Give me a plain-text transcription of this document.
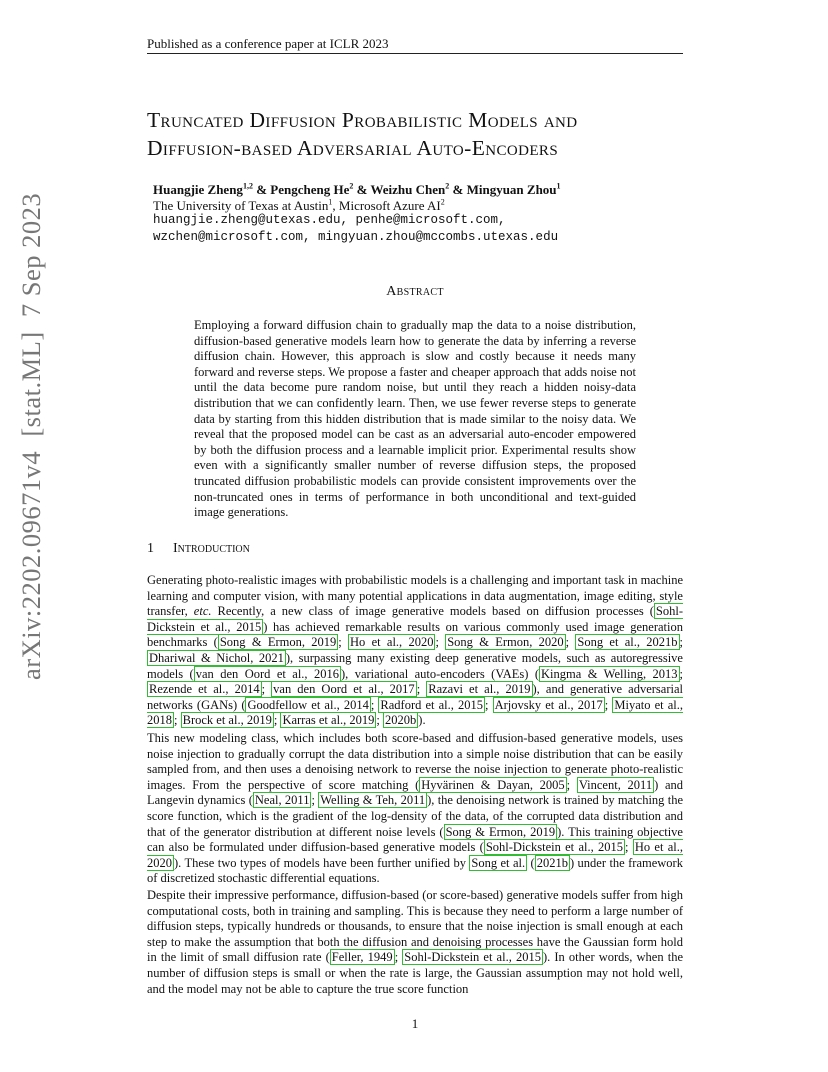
Published as a conference paper at ICLR 2023
arXiv:2202.09671v4  [stat.ML]  7 Sep 2023
Truncated Diffusion Probabilistic Models and
Diffusion-based Adversarial Auto-Encoders
Huangjie Zheng$^{1,2}$ & Pengcheng He$^2$ & Weizhu Chen$^2$ & Mingyuan Zhou$^1$
The University of Texas at Austin$^1$, Microsoft Azure $AI^2$
huangjie.zheng@utexas.edu, penhe@microsoft.com,
wzchen@microsoft.com, mingyuan.zhou@mccombs.utexas.edu
Abstract
Employing a forward diffusion chain to gradually map the data to a noise distribution, diffusion-based generative models learn how to generate the data by inferring a reverse diffusion chain. However, this approach is slow and costly because it needs many forward and reverse steps. We propose a faster and cheaper approach that adds noise not until the data become pure random noise, but until they reach a hidden noisy-data distribution that we can confidently learn. Then, we use fewer reverse steps to generate data by starting from this hidden distribution that is made similar to the noisy data. We reveal that the proposed model can be cast as an adversarial auto-encoder empowered by both the diffusion process and a learnable implicit prior. Experimental results show even with a significantly smaller number of reverse diffusion steps, the proposed truncated diffusion probabilistic models can provide consistent improvements over the non-truncated ones in terms of performance in both unconditional and text-guided image generations.
1 Introduction

Generating photo-realistic images with probabilistic models is a challenging and important task in machine learning and computer vision, with many potential applications in data augmentation, image editing, style transfer, etc. Recently, a new class of image generative models based on diffusion processes ( Sohl-Dickstein et al., 2015 ) has achieved remarkable results on various commonly used image generation benchmarks ( Song & Ermon, 2019 ; Ho et al., 2020 ; Song & Ermon, 2020 ; Song et al., 2021b ; Dhariwal & Nichol, 2021 ), surpassing many existing deep generative models, such as autoregressive models ( van den Oord et al., 2016 ), variational auto-encoders (VAEs) ( Kingma & Welling, 2013 ; Rezende et al., 2014 ; van den Oord et al., 2017 ; Razavi et al., 2019 ), and generative adversarial networks (GANs) ( Goodfellow et al., 2014 ; Radford et al., 2015 ; Arjovsky et al., 2017 ; Miyato et al., 2018 ; Brock et al., 2019 ; Karras et al., 2019 ; 2020b ).

This new modeling class, which includes both score-based and diffusion-based generative models, uses noise injection to gradually corrupt the data distribution into a simple noise distribution that can be easily sampled from, and then uses a denoising network to reverse the noise injection to generate photo-realistic images. From the perspective of score matching ( Hyvärinen & Dayan, 2005 ; Vincent, 2011 ) and Langevin dynamics ( Neal, 2011 ; Welling & Teh, 2011 ), the denoising network is trained by matching the score function, which is the gradient of the log-density of the data, of the corrupted data distribution and that of the generator distribution at different noise levels ( Song & Ermon, 2019 ). This training objective can also be formulated under diffusion-based generative models ( Sohl-Dickstein et al., 2015 ; Ho et al., 2020 ). These two types of models have been further unified by Song et al. ( 2021b ) under the framework of discretized stochastic differential equations.

Despite their impressive performance, diffusion-based (or score-based) generative models suffer from high computational costs, both in training and sampling. This is because they need to perform a large number of diffusion steps, typically hundreds or thousands, to ensure that the noise injection is small enough at each step to make the assumption that both the diffusion and denoising processes have the Gaussian form hold in the limit of small diffusion rate ( Feller, 1949 ; Sohl-Dickstein et al., 2015 ). In other words, when the number of diffusion steps is small or when the rate is large, the Gaussian assumption may not hold well, and the model may not be able to capture the true score function

1
